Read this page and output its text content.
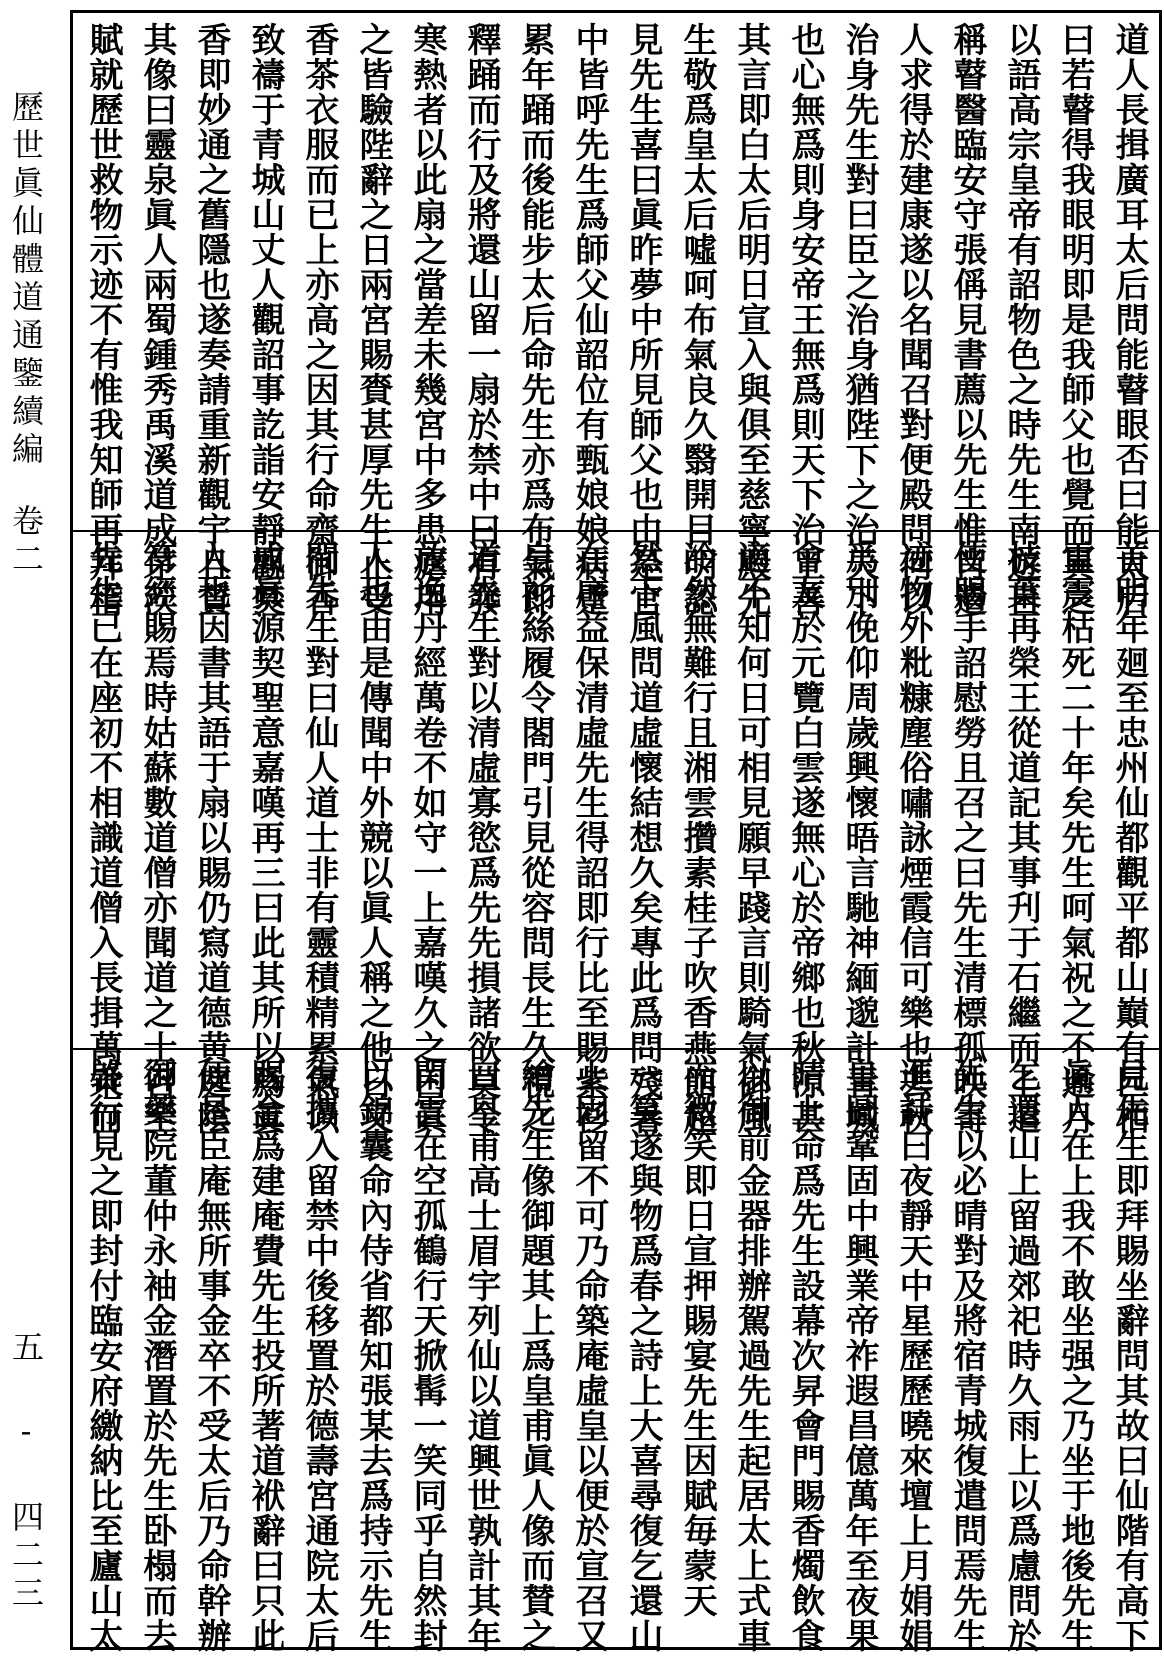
歷世眞仙體道通鑒續編卷二
五 - 四二三
道人長揖廣耳太后問能瞽眼否曰能太后
曰若瞽得我眼明即是我師父也覺而異之
以語高宗皇帝有詔物色之時先生南遊自
稱瞽醫臨安守張偁見書薦以先生惟肖遣
人求得於建康遂以名聞召對便殿問何以
治身先生對曰臣之治身猶陛下之治天下
也心無爲則身安帝王無爲則天下治上善
其言即白太后明日宣入與俱至慈寧殿先
生敬爲皇太后噓呵布氣良久翳開目明認
見先生喜曰眞昨夢中所見師父也由是官
中皆呼先生爲師父仙韶位有甄娘娘病躄
累年踊而後能步太后命先生亦爲布氣即
釋踊而行及將還山留一扇於禁中曰有發
寒熱者以此扇之當差未幾宮中多患瘧用
之皆驗陛辭之日兩宮賜賚甚厚先生止受
香茶衣服而已上亦高之因其行命齋御香
致禱于青城山丈人觀詔事訖詣安靜觀焚
香即妙通之舊隱也遂奏請重新觀宇且賛
其像曰靈泉眞人兩蜀鍾秀禹溪道成茅茨
賦就歷世救物示迹不有惟我知師再拜稽
首明年廻至忠州仙都觀平都山巔有巨栢
雷震枯死二十年矣先生呵氣祝之不逾月
枝葉再榮王從道記其事刋于石繼而上遣
使賜手詔慰勞且召之曰先生清標孤映寄
迹物外粃糠塵俗嘯詠煙霞信可樂也去秋
爲別俛仰周歲興懷晤言馳神緬邈計青城
會友於元覽白雲遂無心於帝鄉也秋涼甚
適不知何日可相見願早踐言則騎氣御風
冷然無難行且湘雲攢素桂子吹香燕館超
然下風問道虛懷結想久矣專此爲問殘暑
在序益保清虛先生得詔即行比至賜紫衫
皂衫絲履令閤門引見從容問長生久視之
道先生對以清虛寡慾爲先先損諸欲莫令
放逸丹經萬卷不如守一上嘉嘆久之曰眞
人也由是傳聞中外競以眞人稱之他日又
問先生對曰仙人道士非有靈積精累氣以
成眞源契聖意嘉嘆再三曰此其所以爲眞
人也因書其語于扇以賜仍寫道德黄庭陰
符經賜焉時姑蘇數道僧亦聞道之士召至
先生已在座初不相識道僧入長揖萬乘而
見先生即拜賜坐辭問其故曰仙階有高下
眞人在上我不敢坐强之乃坐于地後先生
乞還山上留過郊祀時久雨上以爲慮問於
先生以必晴對及將宿青城復遣問焉先生
進詩曰夜靜天中星歷歷曉來壇上月娟娟
皇圖鞏固中興業帝祚遐昌億萬年至夜果
晴上命爲先生設幕次昇會門賜香燭飲食
以御前金器排辦駕過先生起居太上式車
而微笑即日宣押賜宴先生因賦毎蒙天
一笑遂與物爲春之詩上大喜尋復乞還山
上固留不可乃命築庵虛皇以便於宣召又
繪先生像御題其上爲皇甫眞人像而賛之
曰皇甫高士眉宇列仙以道興世孰計其年
閑雲在空孤鶴行天掀髯一笑同乎自然封
以錦囊命內侍省都知張某去爲持示先生
復攜入留禁中後移置於德壽宮通院太后
賜金爲建庵費先生投所著道袱辭曰只此
便是臣庵無所事金卒不受太后乃命幹辦
御藥院董仲永袖金潛置於先生卧榻而去
啓行見之即封付臨安府繳納比至廬山太
